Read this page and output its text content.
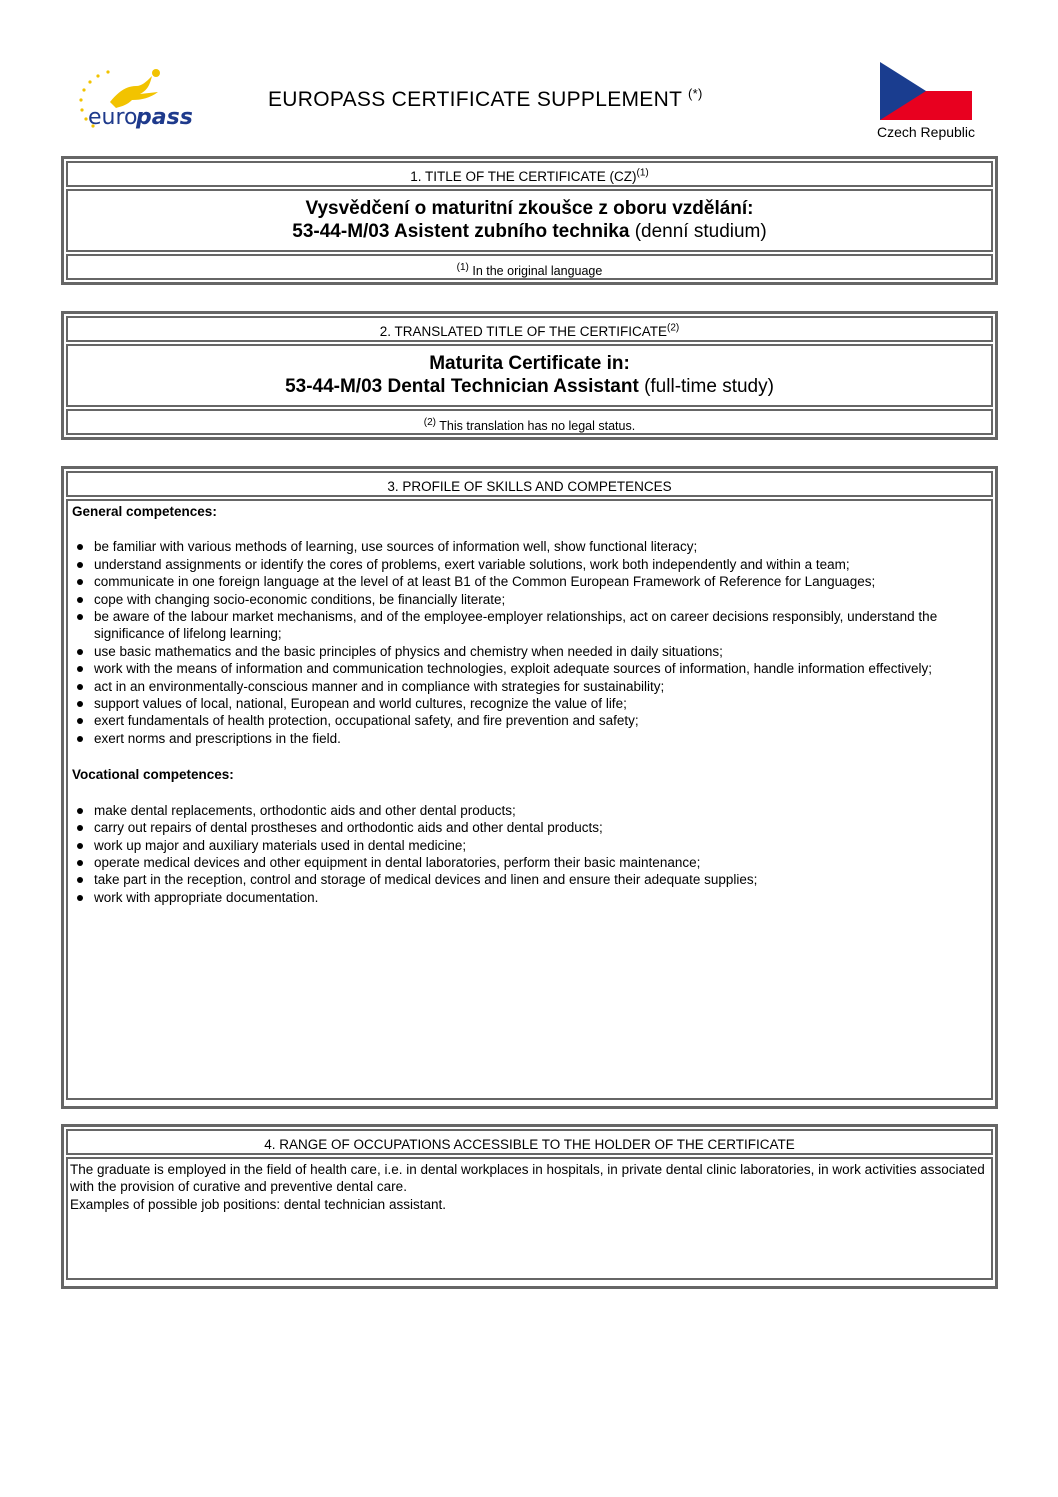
euro
pass
EUROPASS CERTIFICATE SUPPLEMENT (*)
Czech Republic
1. TITLE OF THE CERTIFICATE (CZ)$^{(1)}$
Vysvědčení o maturitní zkoušce z oboru vzdělání:
53-44-M/03 Asistent zubního technika (denní studium)
$^{(1)}$ In the original language
2. TRANSLATED TITLE OF THE CERTIFICATE$^{(2)}$
Maturita Certificate in:
53-44-M/03 Dental Technician Assistant (full-time study)
$^{(2)}$ This translation has no legal status.
3. PROFILE OF SKILLS AND COMPETENCES
General competences:
be familiar with various methods of learning, use sources of information well, show functional literacy;
understand assignments or identify the cores of problems, exert variable solutions, work both independently and within a team;
communicate in one foreign language at the level of at least B1 of the Common European Framework of Reference for Languages;
cope with changing socio-economic conditions, be financially literate;
be aware of the labour market mechanisms, and of the employee-employer relationships, act on career decisions responsibly, understand the significance of lifelong learning;
use basic mathematics and the basic principles of physics and chemistry when needed in daily situations;
work with the means of information and communication technologies, exploit adequate sources of information, handle information effectively;
act in an environmentally-conscious manner and in compliance with strategies for sustainability;
support values of local, national, European and world cultures, recognize the value of life;
exert fundamentals of health protection, occupational safety, and fire prevention and safety;
exert norms and prescriptions in the field.
Vocational competences:
make dental replacements, orthodontic aids and other dental products;
carry out repairs of dental prostheses and orthodontic aids and other dental products;
work up major and auxiliary materials used in dental medicine;
operate medical devices and other equipment in dental laboratories, perform their basic maintenance;
take part in the reception, control and storage of medical devices and linen and ensure their adequate supplies;
work with appropriate documentation.
4. RANGE OF OCCUPATIONS ACCESSIBLE TO THE HOLDER OF THE CERTIFICATE
The graduate is employed in the field of health care, i.e. in dental workplaces in hospitals, in private dental clinic laboratories, in work activities associated with the provision of curative and preventive dental care.
Examples of possible job positions: dental technician assistant.
